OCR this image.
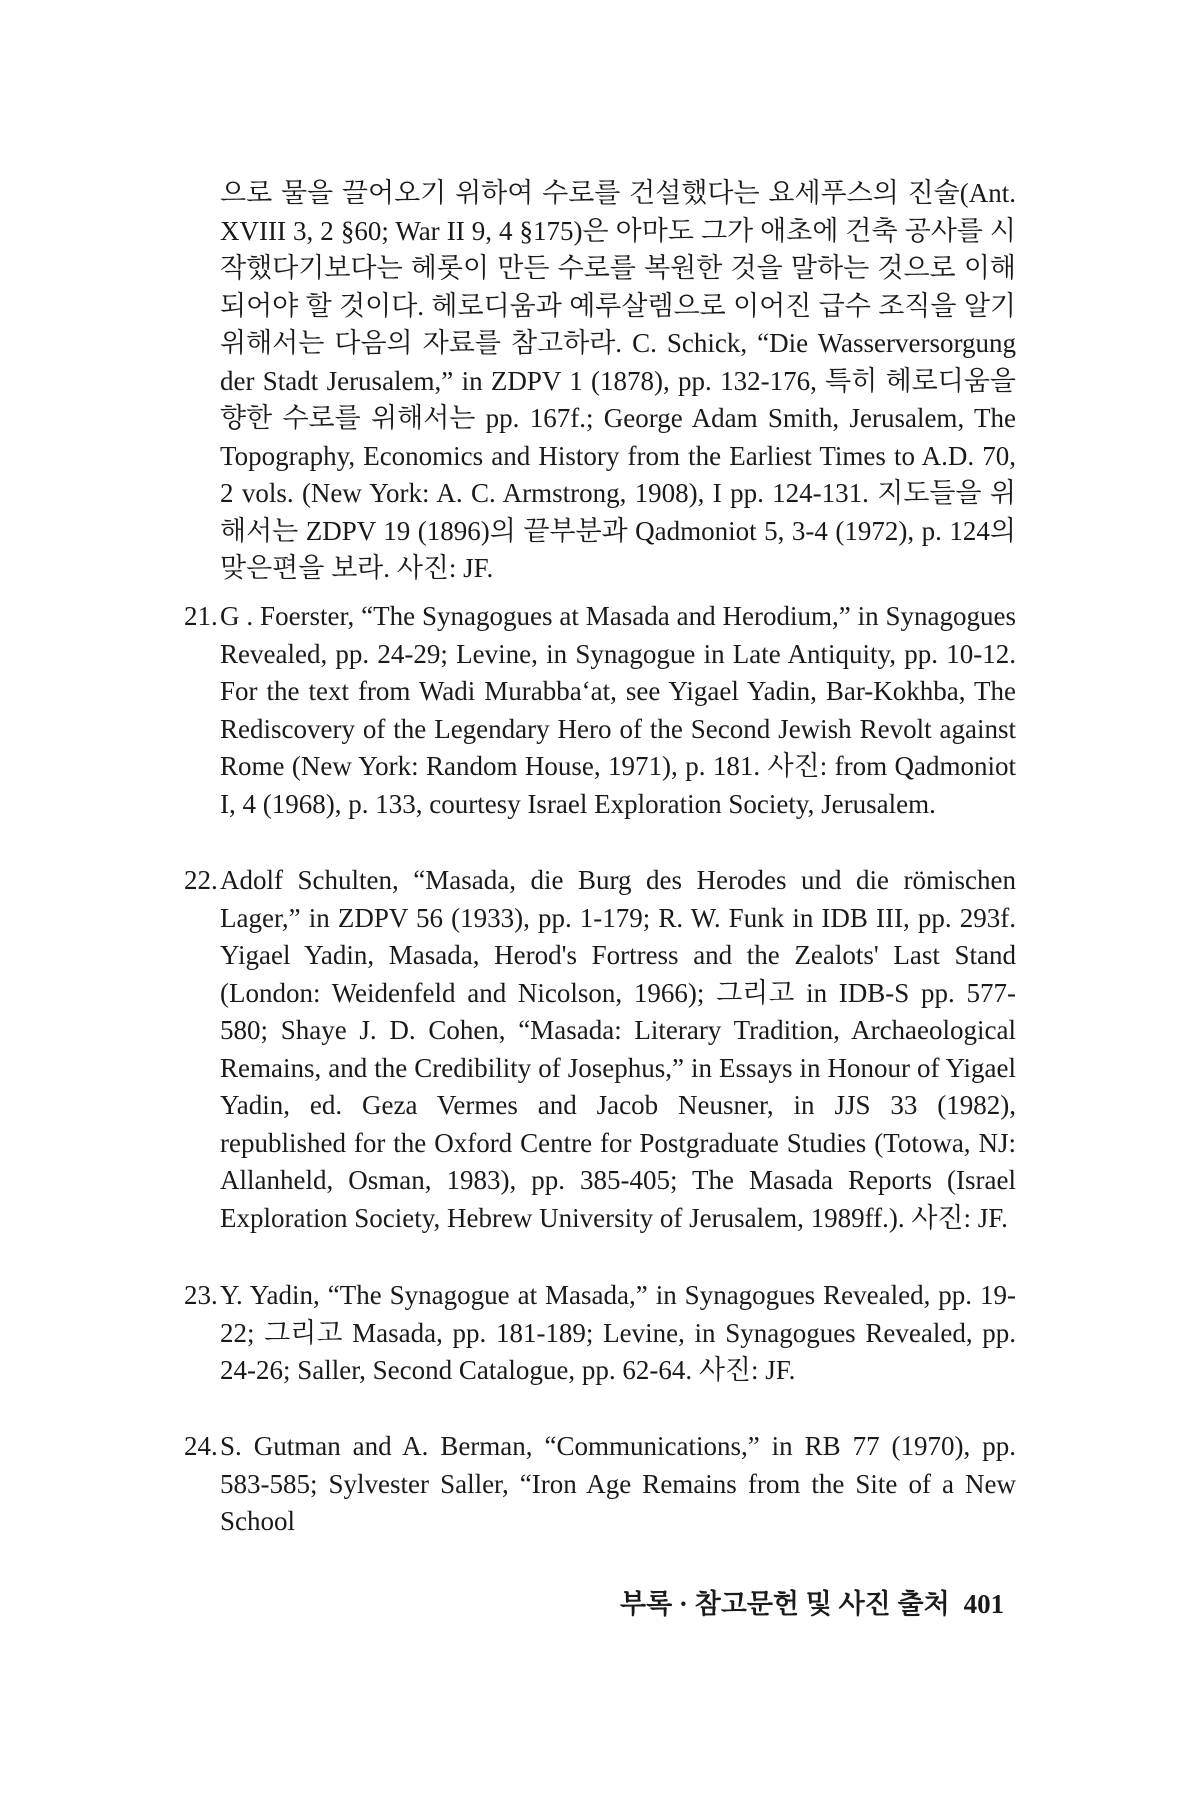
으로 물을 끌어오기 위하여 수로를 건설했다는 요세푸스의 진술(Ant. XVIII 3, 2 §60; War II 9, 4 §175)은 아마도 그가 애초에 건축 공사를 시작했다기보다는 헤롯이 만든 수로를 복원한 것을 말하는 것으로 이해되어야 할 것이다. 헤로디움과 예루살렘으로 이어진 급수 조직을 알기 위해서는 다음의 자료를 참고하라. C. Schick, “Die Wasserversorgung der Stadt Jerusalem,” in ZDPV 1 (1878), pp. 132-176, 특히 헤로디움을 향한 수로를 위해서는 pp. 167f.; George Adam Smith, Jerusalem, The Topography, Economics and History from the Earliest Times to A.D. 70, 2 vols. (New York: A. C. Armstrong, 1908), I pp. 124-131. 지도들을 위해서는 ZDPV 19 (1896)의 끝부분과 Qadmoniot 5, 3-4 (1972), p. 124의 맞은편을 보라. 사진: JF.

21. G . Foerster, “The Synagogues at Masada and Herodium,” in Synagogues Revealed, pp. 24-29; Levine, in Synagogue in Late Antiquity, pp. 10-12. For the text from Wadi Murabba‘at, see Yigael Yadin, Bar-Kokhba, The Rediscovery of the Legendary Hero of the Second Jewish Revolt against Rome (New York: Random House, 1971), p. 181. 사진: from Qadmoniot I, 4 (1968), p. 133, courtesy Israel Exploration Society, Jerusalem.
22. Adolf Schulten, “Masada, die Burg des Herodes und die römischen Lager,” in ZDPV 56 (1933), pp. 1-179; R. W. Funk in IDB III, pp. 293f. Yigael Yadin, Masada, Herod's Fortress and the Zealots' Last Stand (London: Weidenfeld and Nicolson, 1966); 그리고 in IDB-S pp. 577-580; Shaye J. D. Cohen, “Masada: Literary Tradition, Archaeological Remains, and the Credibility of Josephus,” in Essays in Honour of Yigael Yadin, ed. Geza Vermes and Jacob Neusner, in JJS 33 (1982), republished for the Oxford Centre for Postgraduate Studies (Totowa, NJ: Allanheld, Osman, 1983), pp. 385-405; The Masada Reports (Israel Exploration Society, Hebrew University of Jerusalem, 1989ff.). 사진: JF.
23. Y. Yadin, “The Synagogue at Masada,” in Synagogues Revealed, pp. 19-22; 그리고 Masada, pp. 181-189; Levine, in Synagogues Revealed, pp. 24-26; Saller, Second Catalogue, pp. 62-64. 사진: JF.
24. S. Gutman and A. Berman, “Communications,” in RB 77 (1970), pp. 583-585; Sylvester Saller, “Iron Age Remains from the Site of a New School
부록 · 참고문헌 및 사진 출처 401
